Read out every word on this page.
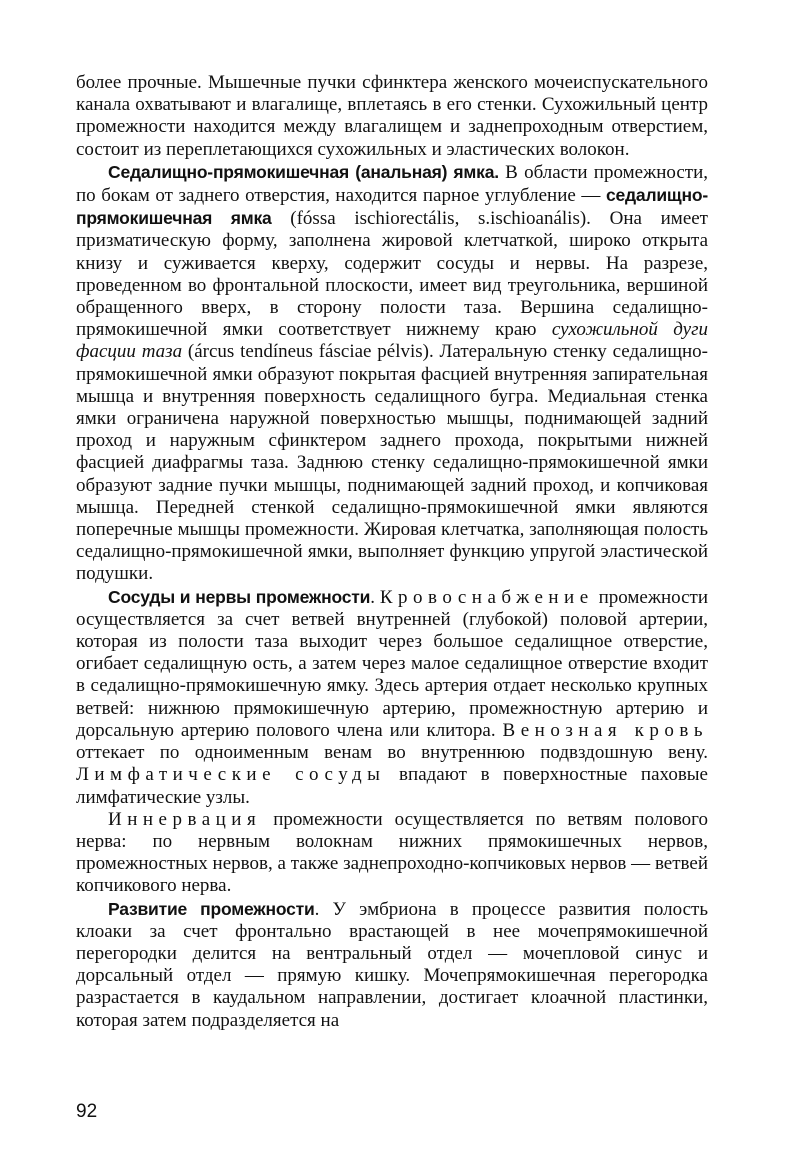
более прочные. Мышечные пучки сфинктера женского мочеиспускательного канала охватывают и влагалище, вплетаясь в его стенки. Сухожильный центр промежности находится между влагалищем и заднепроходным отверстием, состоит из переплетающихся сухожильных и эластических волокон.

Седалищно-прямокишечная (анальная) ямка. В области промежности, по бокам от заднего отверстия, находится парное углубление — седалищно-прямокишечная ямка (fóssa ischiorectális, s.ischioanális). Она имеет призматическую форму, заполнена жировой клетчаткой, широко открыта книзу и суживается кверху, содержит сосуды и нервы. На разрезе, проведенном во фронтальной плоскости, имеет вид треугольника, вершиной обращенного вверх, в сторону полости таза. Вершина седалищно-прямокишечной ямки соответствует нижнему краю сухожильной дуги фасции таза (árcus tendíneus fásciae pélvis). Латеральную стенку седалищно-прямокишечной ямки образуют покрытая фасцией внутренняя запирательная мышца и внутренняя поверхность седалищного бугра. Медиальная стенка ямки ограничена наружной поверхностью мышцы, поднимающей задний проход и наружным сфинктером заднего прохода, покрытыми нижней фасцией диафрагмы таза. Заднюю стенку седалищно-прямокишечной ямки образуют задние пучки мышцы, поднимающей задний проход, и копчиковая мышца. Передней стенкой седалищно-прямокишечной ямки являются поперечные мышцы промежности. Жировая клетчатка, заполняющая полость седалищно-прямокишечной ямки, выполняет функцию упругой эластической подушки.

Сосуды и нервы промежности. Кровоснабжение промежности осуществляется за счет ветвей внутренней (глубокой) половой артерии, которая из полости таза выходит через большое седалищное отверстие, огибает седалищную ость, а затем через малое седалищное отверстие входит в седалищно-прямокишечную ямку. Здесь артерия отдает несколько крупных ветвей: нижнюю прямокишечную артерию, промежностную артерию и дорсальную артерию полового члена или клитора. Венозная кровь оттекает по одноименным венам во внутреннюю подвздошную вену. Лимфатические сосуды впадают в поверхностные паховые лимфатические узлы.

Иннервация промежности осуществляется по ветвям полового нерва: по нервным волокнам нижних прямокишечных нервов, промежностных нервов, а также заднепроходно-копчиковых нервов — ветвей копчикового нерва.

Развитие промежности. У эмбриона в процессе развития полость клоаки за счет фронтально врастающей в нее мочепрямокишечной перегородки делится на вентральный отдел — мочепловой синус и дорсальный отдел — прямую кишку. Мочепрямокишечная перегородка разрастается в каудальном направлении, достигает клоачной пластинки, которая затем подразделяется на

92
